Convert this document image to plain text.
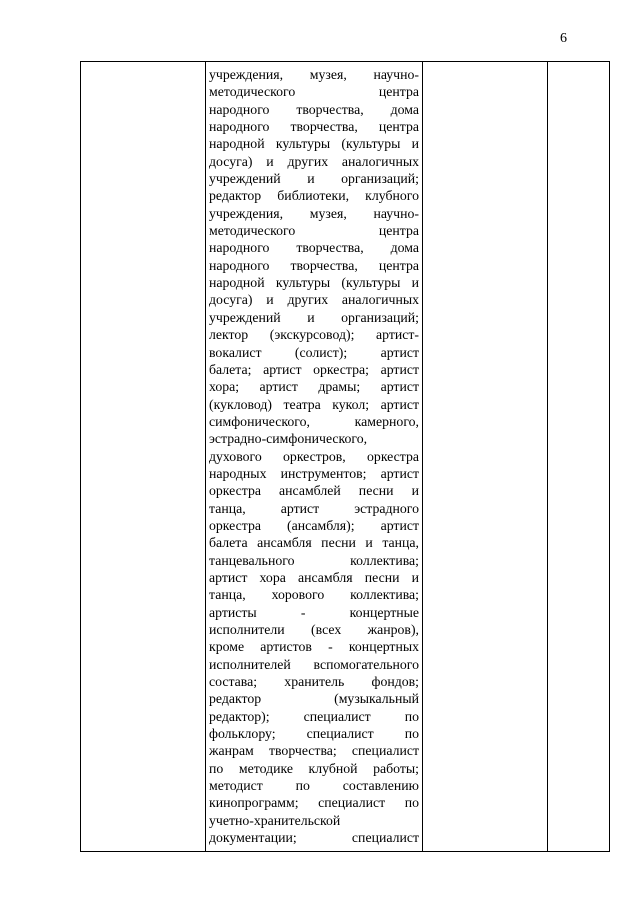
6

учреждения, музея, научно-
методического центра
народного творчества, дома
народного творчества, центра
народной культуры (культуры и
досуга) и других аналогичных
учреждений и организаций;
редактор библиотеки, клубного
учреждения, музея, научно-
методического центра
народного творчества, дома
народного творчества, центра
народной культуры (культуры и
досуга) и других аналогичных
учреждений и организаций;
лектор (экскурсовод); артист-
вокалист (солист); артист
балета; артист оркестра; артист
хора; артист драмы; артист
(кукловод) театра кукол; артист
симфонического, камерного,
эстрадно-симфонического,
духового оркестров, оркестра
народных инструментов; артист
оркестра ансамблей песни и
танца, артист эстрадного
оркестра (ансамбля); артист
балета ансамбля песни и танца,
танцевального коллектива;
артист хора ансамбля песни и
танца, хорового коллектива;
артисты - концертные
исполнители (всех жанров),
кроме артистов - концертных
исполнителей вспомогательного
состава; хранитель фондов;
редактор (музыкальный
редактор); специалист по
фольклору; специалист по
жанрам творчества; специалист
по методике клубной работы;
методист по составлению
кинопрограмм; специалист по
учетно-хранительской
документации; специалист
